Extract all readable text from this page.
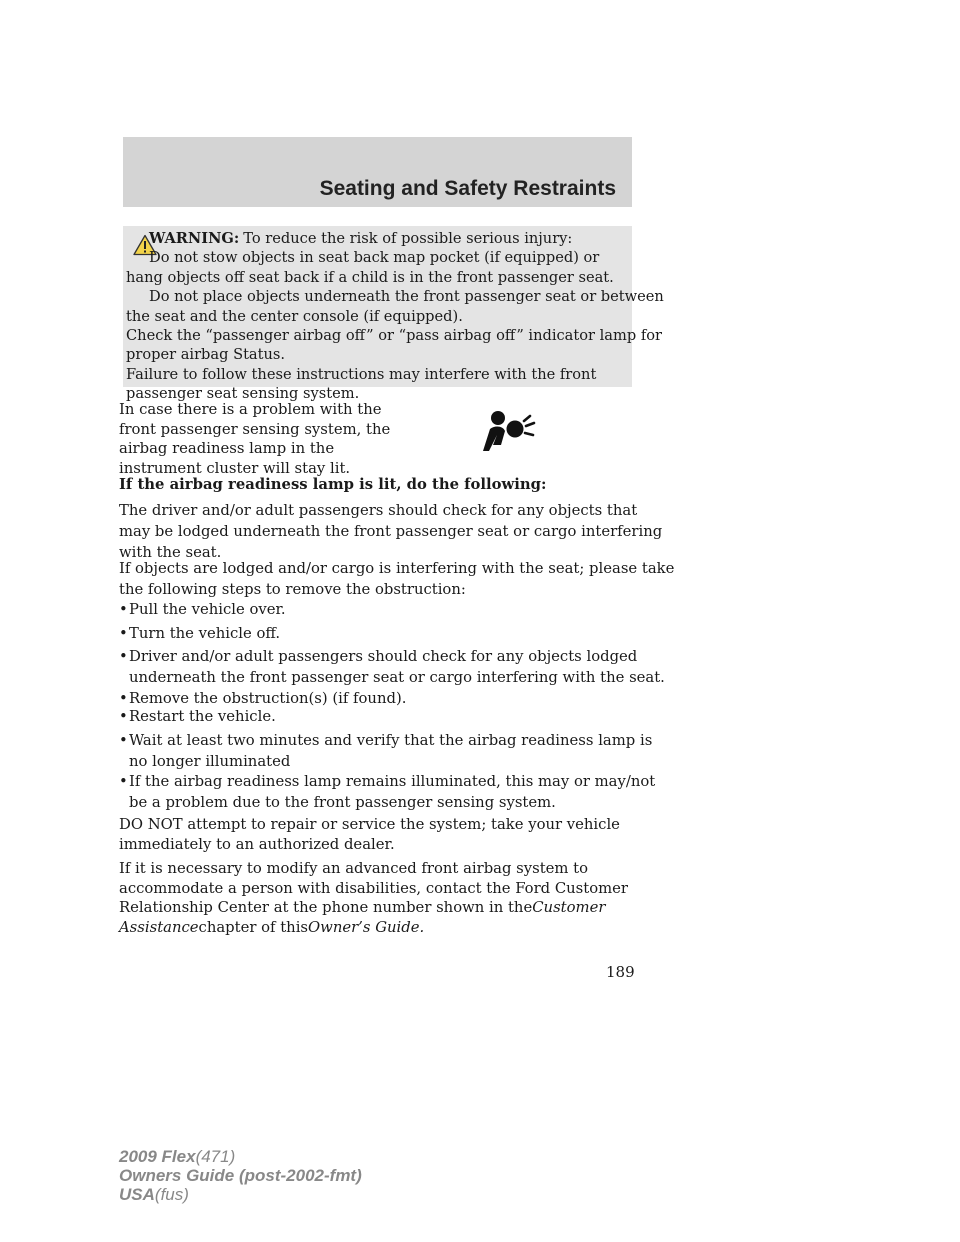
Seating and Safety Restraints
WARNING: To reduce the risk of possible serious injury:
Do not stow objects in seat back map pocket (if equipped) or
hang objects off seat back if a child is in the front passenger seat.
Do not place objects underneath the front passenger seat or between
the seat and the center console (if equipped).
Check the “passenger airbag off” or “pass airbag off” indicator lamp for
proper airbag Status.
Failure to follow these instructions may interfere with the front
passenger seat sensing system.
In case there is a problem with the
front passenger sensing system, the
airbag readiness lamp in the
instrument cluster will stay lit.
If the airbag readiness lamp is lit, do the following:
The driver and/or adult passengers should check for any objects that
may be lodged underneath the front passenger seat or cargo interfering
with the seat.
If objects are lodged and/or cargo is interfering with the seat; please take
the following steps to remove the obstruction:
• Pull the vehicle over.
• Turn the vehicle off.
• Driver and/or adult passengers should check for any objects lodged
underneath the front passenger seat or cargo interfering with the seat.
• Remove the obstruction(s) (if found).
• Restart the vehicle.
• Wait at least two minutes and verify that the airbag readiness lamp is
no longer illuminated
• If the airbag readiness lamp remains illuminated, this may or may/not
be a problem due to the front passenger sensing system.
DO NOT attempt to repair or service the system; take your vehicle
immediately to an authorized dealer.
If it is necessary to modify an advanced front airbag system to
accommodate a person with disabilities, contact the Ford Customer
Relationship Center at the phone number shown in theCustomer
Assistancechapter of thisOwner’s Guide.
189
2009 Flex(471)
Owners Guide (post-2002-fmt)
USA(fus)
